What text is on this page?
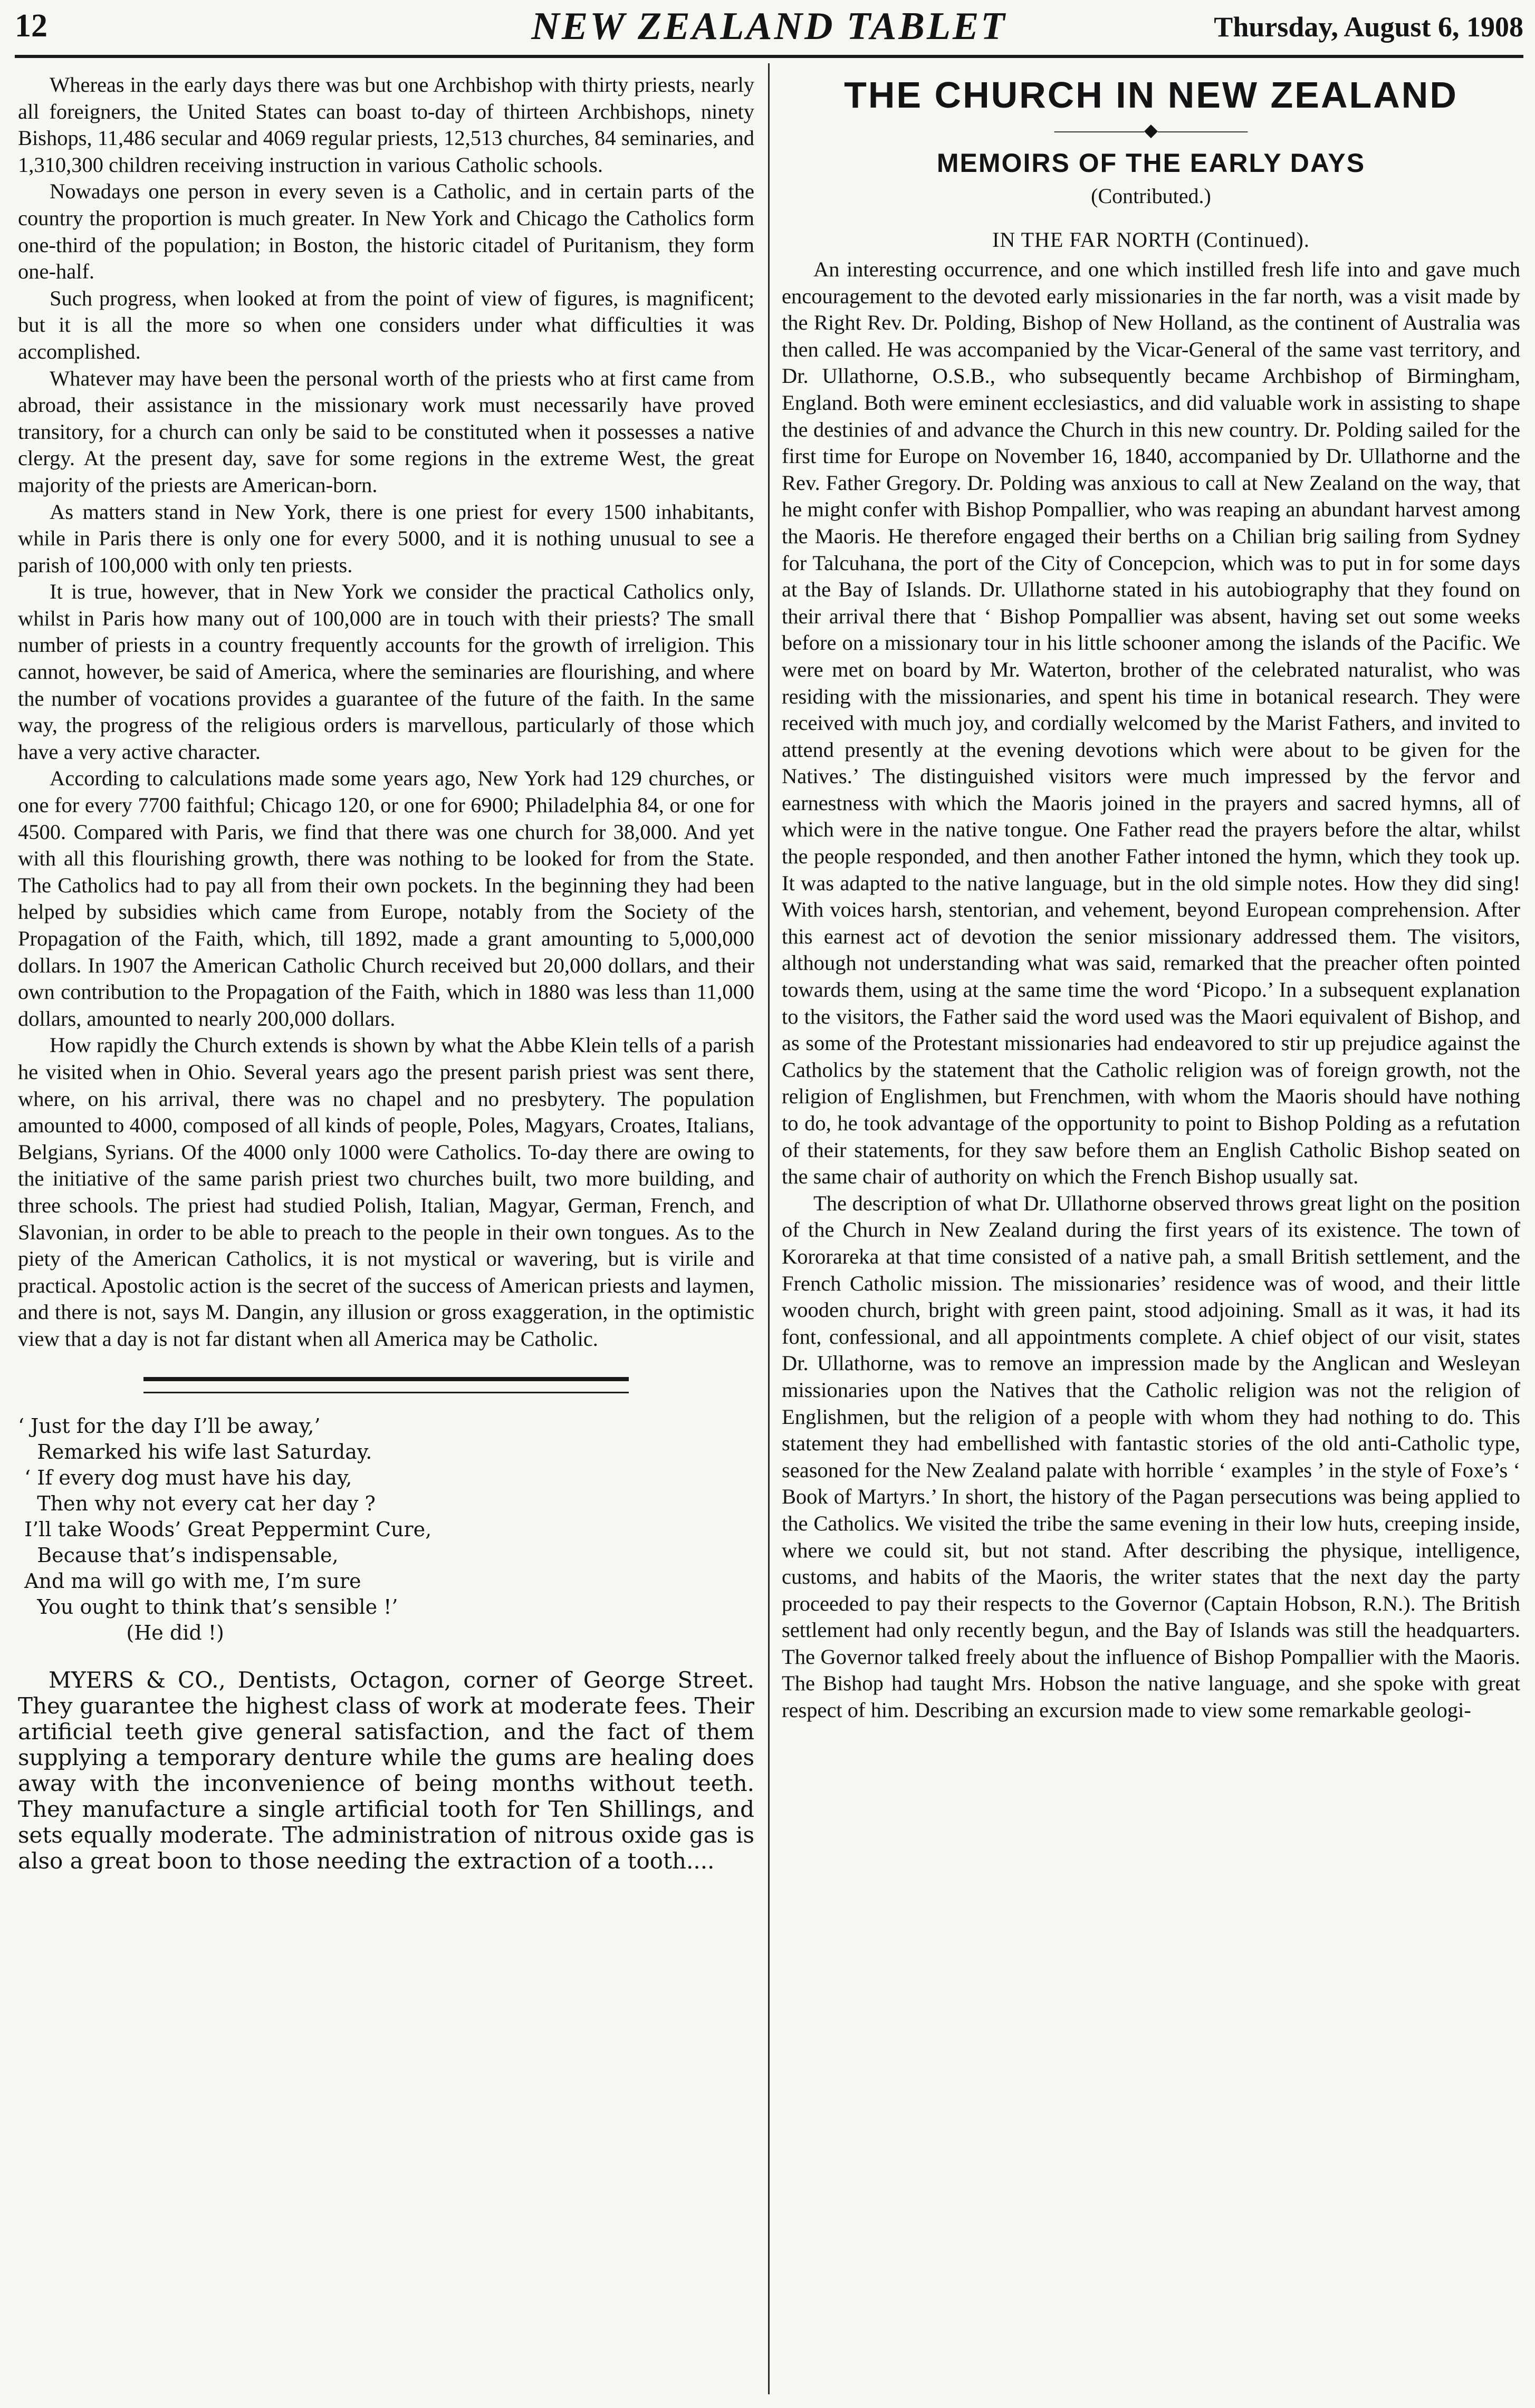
12	NEW ZEALAND TABLET	Thursday, August 6, 1908

Whereas in the early days there was but one Archbishop with thirty priests, nearly all foreigners, the United States can boast to-day of thirteen Archbishops, ninety Bishops, 11,486 secular and 4069 regular priests, 12,513 churches, 84 seminaries, and 1,310,300 children receiving instruction in various Catholic schools.

Nowadays one person in every seven is a Catholic, and in certain parts of the country the proportion is much greater. In New York and Chicago the Catholics form one-third of the population; in Boston, the historic citadel of Puritanism, they form one-half.

Such progress, when looked at from the point of view of figures, is magnificent; but it is all the more so when one considers under what difficulties it was accomplished.

Whatever may have been the personal worth of the priests who at first came from abroad, their assistance in the missionary work must necessarily have proved transitory, for a church can only be said to be constituted when it possesses a native clergy. At the present day, save for some regions in the extreme West, the great majority of the priests are American-born.

As matters stand in New York, there is one priest for every 1500 inhabitants, while in Paris there is only one for every 5000, and it is nothing unusual to see a parish of 100,000 with only ten priests.

It is true, however, that in New York we consider the practical Catholics only, whilst in Paris how many out of 100,000 are in touch with their priests? The small number of priests in a country frequently accounts for the growth of irreligion. This cannot, however, be said of America, where the seminaries are flourishing, and where the number of vocations provides a guarantee of the future of the faith. In the same way, the progress of the religious orders is marvellous, particularly of those which have a very active character.

According to calculations made some years ago, New York had 129 churches, or one for every 7700 faithful; Chicago 120, or one for 6900; Philadelphia 84, or one for 4500. Compared with Paris, we find that there was one church for 38,000. And yet with all this flourishing growth, there was nothing to be looked for from the State. The Catholics had to pay all from their own pockets. In the beginning they had been helped by subsidies which came from Europe, notably from the Society of the Propagation of the Faith, which, till 1892, made a grant amounting to 5,000,000 dollars. In 1907 the American Catholic Church received but 20,000 dollars, and their own contribution to the Propagation of the Faith, which in 1880 was less than 11,000 dollars, amounted to nearly 200,000 dollars.

How rapidly the Church extends is shown by what the Abbe Klein tells of a parish he visited when in Ohio. Several years ago the present parish priest was sent there, where, on his arrival, there was no chapel and no presbytery. The population amounted to 4000, composed of all kinds of people, Poles, Magyars, Croates, Italians, Belgians, Syrians. Of the 4000 only 1000 were Catholics. To-day there are owing to the initiative of the same parish priest two churches built, two more building, and three schools. The priest had studied Polish, Italian, Magyar, German, French, and Slavonian, in order to be able to preach to the people in their own tongues. As to the piety of the American Catholics, it is not mystical or wavering, but is virile and practical. Apostolic action is the secret of the success of American priests and laymen, and there is not, says M. Dangin, any illusion or gross exaggeration, in the optimistic view that a day is not far distant when all America may be Catholic.

‘ Just for the day I’ll be away,’

Remarked his wife last Saturday.

‘ If every dog must have his day,

Then why not every cat her day ?

I’ll take Woods’ Great Peppermint Cure,

Because that’s indispensable,

And ma will go with me, I’m sure

You ought to think that’s sensible !’

(He did !)

MYERS & CO., Dentists, Octagon, corner of George Street. They guarantee the highest class of work at moderate fees. Their artificial teeth give general satisfaction, and the fact of them supplying a temporary denture while the gums are healing does away with the inconvenience of being months without teeth. They manufacture a single artificial tooth for Ten Shillings, and sets equally moderate. The administration of nitrous oxide gas is also a great boon to those needing the extraction of a tooth....

THE CHURCH IN NEW ZEALAND

—————◆—————

MEMOIRS OF THE EARLY DAYS

(Contributed.)

IN THE FAR NORTH (Continued).

An interesting occurrence, and one which instilled fresh life into and gave much encouragement to the devoted early missionaries in the far north, was a visit made by the Right Rev. Dr. Polding, Bishop of New Holland, as the continent of Australia was then called. He was accompanied by the Vicar-General of the same vast territory, and Dr. Ullathorne, O.S.B., who subsequently became Archbishop of Birmingham, England. Both were eminent ecclesiastics, and did valuable work in assisting to shape the destinies of and advance the Church in this new country. Dr. Polding sailed for the first time for Europe on November 16, 1840, accompanied by Dr. Ullathorne and the Rev. Father Gregory. Dr. Polding was anxious to call at New Zealand on the way, that he might confer with Bishop Pompallier, who was reaping an abundant harvest among the Maoris. He therefore engaged their berths on a Chilian brig sailing from Sydney for Talcuhana, the port of the City of Concepcion, which was to put in for some days at the Bay of Islands. Dr. Ullathorne stated in his autobiography that they found on their arrival there that ‘ Bishop Pompallier was absent, having set out some weeks before on a missionary tour in his little schooner among the islands of the Pacific. We were met on board by Mr. Waterton, brother of the celebrated naturalist, who was residing with the missionaries, and spent his time in botanical research. They were received with much joy, and cordially welcomed by the Marist Fathers, and invited to attend presently at the evening devotions which were about to be given for the Natives.’ The distinguished visitors were much impressed by the fervor and earnestness with which the Maoris joined in the prayers and sacred hymns, all of which were in the native tongue. One Father read the prayers before the altar, whilst the people responded, and then another Father intoned the hymn, which they took up. It was adapted to the native language, but in the old simple notes. How they did sing! With voices harsh, stentorian, and vehement, beyond European comprehension. After this earnest act of devotion the senior missionary addressed them. The visitors, although not understanding what was said, remarked that the preacher often pointed towards them, using at the same time the word ‘Picopo.’ In a subsequent explanation to the visitors, the Father said the word used was the Maori equivalent of Bishop, and as some of the Protestant missionaries had endeavored to stir up prejudice against the Catholics by the statement that the Catholic religion was of foreign growth, not the religion of Englishmen, but Frenchmen, with whom the Maoris should have nothing to do, he took advantage of the opportunity to point to Bishop Polding as a refutation of their statements, for they saw before them an English Catholic Bishop seated on the same chair of authority on which the French Bishop usually sat.

The description of what Dr. Ullathorne observed throws great light on the position of the Church in New Zealand during the first years of its existence. The town of Kororareka at that time consisted of a native pah, a small British settlement, and the French Catholic mission. The missionaries’ residence was of wood, and their little wooden church, bright with green paint, stood adjoining. Small as it was, it had its font, confessional, and all appointments complete. A chief object of our visit, states Dr. Ullathorne, was to remove an impression made by the Anglican and Wesleyan missionaries upon the Natives that the Catholic religion was not the religion of Englishmen, but the religion of a people with whom they had nothing to do. This statement they had embellished with fantastic stories of the old anti-Catholic type, seasoned for the New Zealand palate with horrible ‘ examples ’ in the style of Foxe’s ‘ Book of Martyrs.’ In short, the history of the Pagan persecutions was being applied to the Catholics. We visited the tribe the same evening in their low huts, creeping inside, where we could sit, but not stand. After describing the physique, intelligence, customs, and habits of the Maoris, the writer states that the next day the party proceeded to pay their respects to the Governor (Captain Hobson, R.N.). The British settlement had only recently begun, and the Bay of Islands was still the headquarters. The Governor talked freely about the influence of Bishop Pompallier with the Maoris. The Bishop had taught Mrs. Hobson the native language, and she spoke with great respect of him. Describing an excursion made to view some remarkable geologi-
